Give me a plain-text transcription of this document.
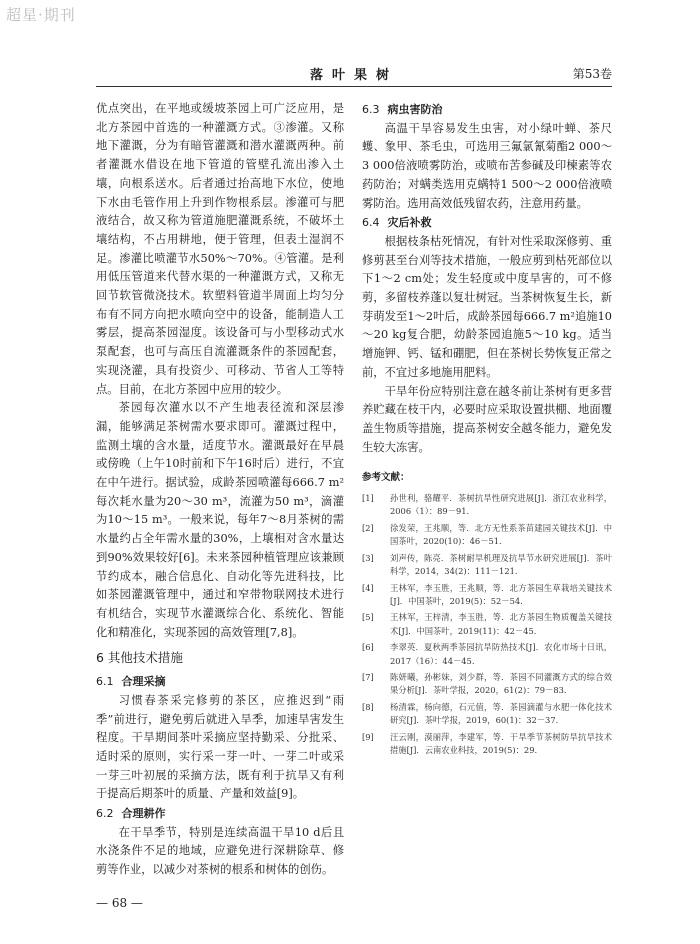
超星·期刊
落叶果树	第53卷

优点突出，在平地或缓坡茶园上可广泛应用，是北方茶园中首选的一种灌溉方式。③渗灌。又称地下灌溉，分为有暗管灌溉和潜水灌溉两种。前者灌溉水借设在地下管道的管壁孔流出渗入土壤，向根系送水。后者通过抬高地下水位，使地下水由毛管作用上升到作物根系层。渗灌可与肥液结合，故又称为管道施肥灌溉系统，不破坏土壤结构，不占用耕地，便于管理，但表土湿润不足。渗灌比喷灌节水50%～70%。④管灌。是利用低压管道来代替水渠的一种灌溉方式，又称无回节软管微浇技术。软塑料管道半周面上均匀分布有不同方向把水喷向空中的设备，能制造人工雾层，提高茶园湿度。该设备可与小型移动式水泵配套，也可与高压自流灌溉条件的茶园配套，实现浇灌，具有投资少、可移动、节省人工等特点。目前，在北方茶园中应用的较少。

茶园每次灌水以不产生地表径流和深层渗漏，能够满足茶树需水要求即可。灌溉过程中，监测土壤的含水量，适度节水。灌溉最好在早晨或傍晚（上午10时前和下午16时后）进行，不宜在中午进行。据试验，成龄茶园喷灌每666.7 m²每次耗水量为20～30 m³，流灌为50 m³，滴灌为10～15 m³。一般来说，每年7～8月茶树的需水量约占全年需水量的30%，上壤相对含水量达到90%效果较好[6]。未来茶园种植管理应该兼顾节约成本，融合信息化、自动化等先进科技，比如茶园灌溉管理中，通过和窄带物联网技术进行有机结合，实现节水灌溉综合化、系统化、智能化和精准化，实现茶园的高效管理[7,8]。

6 其他技术措施
6.1 合理采摘

习惯春茶采完修剪的茶区，应推迟到“雨季”前进行，避免剪后就进入旱季，加速旱害发生程度。干旱期间茶叶采摘应坚持勤采、分批采、适时采的原则，实行采一芽一叶、一芽二叶或采一芽三叶初展的采摘方法，既有利于抗旱又有利于提高后期茶叶的质量、产量和效益[9]。

6.2 合理耕作

在干旱季节，特别是连续高温干旱10 d后且水浇条件不足的地域，应避免进行深耕除草、修剪等作业，以减少对茶树的根系和树体的创伤。

6.3 病虫害防治

高温干旱容易发生虫害，对小绿叶蝉、茶尺蠖、象甲、茶毛虫，可选用三氟氯氰菊酯2 000～3 000倍液喷雾防治，或喷布苦参碱及印楝素等农药防治；对螨类选用克螨特1 500～2 000倍液喷雾防治。选用高效低残留农药，注意用药量。

6.4 灾后补救

根据枝条枯死情况，有针对性采取深修剪、重修剪甚至台刈等技术措施，一般应剪到枯死部位以下1～2 cm处；发生轻度或中度旱害的，可不修剪，多留枝养蓬以复壮树冠。当茶树恢复生长，新芽萌发至1～2叶后，成龄茶园每666.7 m²追施10～20 kg复合肥，幼龄茶园追施5～10 kg。适当增施钾、钙、锰和硼肥，但在茶树长势恢复正常之前，不宜过多地施用肥料。

干旱年份应特别注意在越冬前让茶树有更多营养贮藏在枝干内，必要时应采取设置拱棚、地面覆盖生物质等措施，提高茶树安全越冬能力，避免发生较大冻害。

参考文献：
[1]	孙世利，骆耀平．茶树抗旱性研究进展[J]．浙江农业科学，2006（1）：89－91.
[2]	徐发荣，王兆顺，等．北方无性系茶苗建园关键技术[J]．中国茶叶，2020(10)：46－51.
[3]	刘声传，陈亮．茶树耐旱机理及抗旱节水研究进展[J]．茶叶科学，2014，34(2)：111－121.
[4]	王林军，李玉胜，王兆顺，等．北方茶园生草栽培关键技术[J]．中国茶叶，2019(5)：52－54.
[5]	王林军，王梓清，李玉胜，等．北方茶园生物质覆盖关键技术[J]．中国茶叶，2019(11)：42－45.
[6]	李翠英．夏秋两季茶园抗旱防热技术[J]．农化市场十日讯，2017（16）：44－45.
[7]	陈妍曦，孙彬妹，刘少群，等．茶园不同灌溉方式的综合效果分析[J]．茶叶学报，2020，61(2)：79－83.
[8]	杨清霖，杨向德，石元值，等．茶园滴灌与水肥一体化技术研究[J]．茶叶学报，2019，60(1)：32－37.
[9]	汪云刚，漠丽萍，李建军，等．干旱季节茶树防旱抗旱技术措施[J]．云南农业科技，2019(5)：29.
— 68 —
